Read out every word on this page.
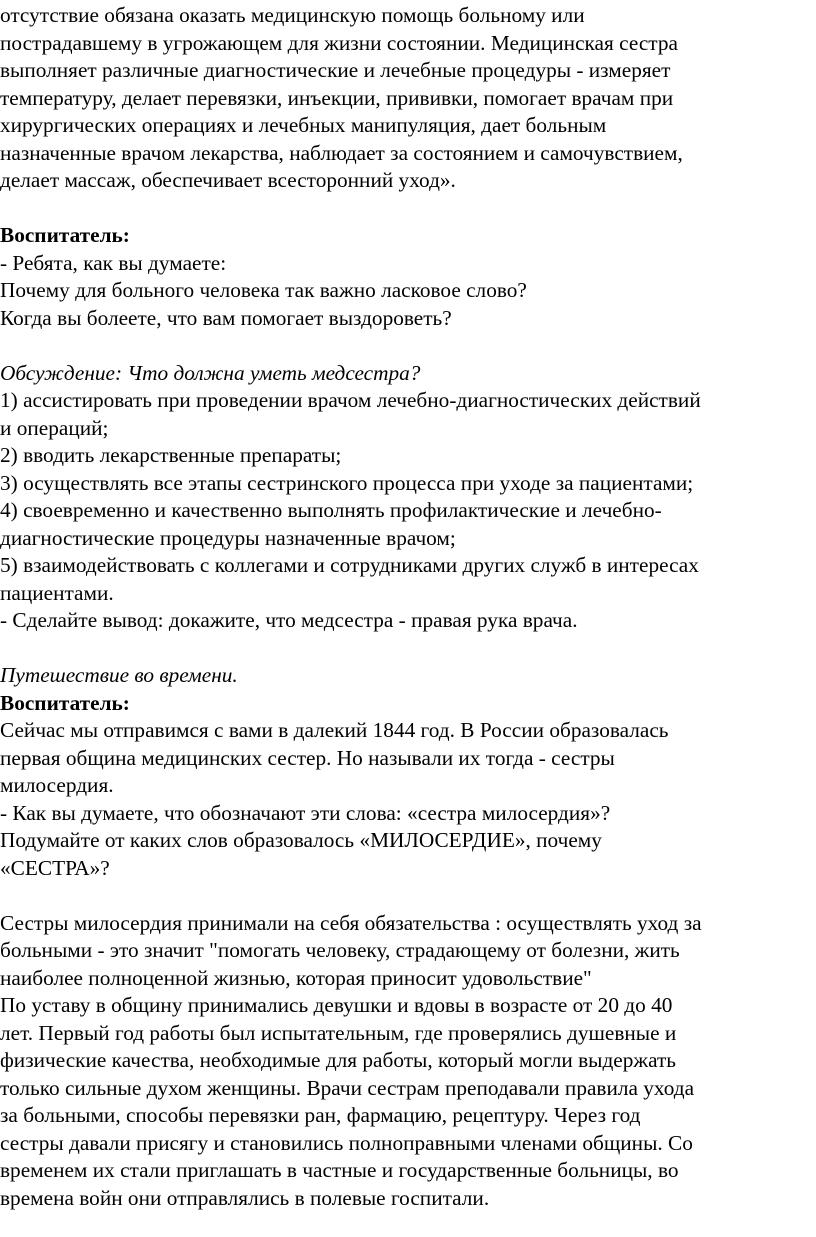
отсутствие обязана оказать медицинскую помощь больному или
пострадавшему в угрожающем для жизни состоянии. Медицинская сестра
выполняет различные диагностические и лечебные процедуры - измеряет
температуру, делает перевязки, инъекции, прививки, помогает врачам при
хирургических операциях и лечебных манипуляция, дает больным
назначенные врачом лекарства, наблюдает за состоянием и самочувствием,
делает массаж, обеспечивает всесторонний уход».

Воспитатель:

- Ребята, как вы думаете:

Почему для больного человека так важно ласковое слово?

Когда вы болеете, что вам помогает выздороветь?

Обсуждение: Что должна уметь медсестра?

1) ассистировать при проведении врачом лечебно-диагностических действий
и операций;

2) вводить лекарственные препараты;

3) осуществлять все этапы сестринского процесса при уходе за пациентами;

4) своевременно и качественно выполнять профилактические и лечебно-
диагностические процедуры назначенные врачом;

5) взаимодействовать с коллегами и сотрудниками других служб в интересах
пациентами.

- Сделайте вывод: докажите, что медсестра - правая рука врача.

Путешествие во времени.

Воспитатель:

Сейчас мы отправимся с вами в далекий 1844 год. В России образовалась
первая община медицинских сестер. Но называли их тогда - сестры
милосердия.

- Как вы думаете, что обозначают эти слова: «сестра милосердия»?
Подумайте от каких слов образовалось «МИЛОСЕРДИЕ», почему
«СЕСТРА»?

Сестры милосердия принимали на себя обязательства : осуществлять уход за
больными - это значит "помогать человеку, страдающему от болезни, жить
наиболее полноценной жизнью, которая приносит удовольствие"

По уставу в общину принимались девушки и вдовы в возрасте от 20 до 40
лет. Первый год работы был испытательным, где проверялись душевные и
физические качества, необходимые для работы, который могли выдержать
только сильные духом женщины. Врачи сестрам преподавали правила ухода
за больными, способы перевязки ран, фармацию, рецептуру. Через год
сестры давали присягу и становились полноправными членами общины. Со
временем их стали приглашать в частные и государственные больницы, во
времена войн они отправлялись в полевые госпитали.
